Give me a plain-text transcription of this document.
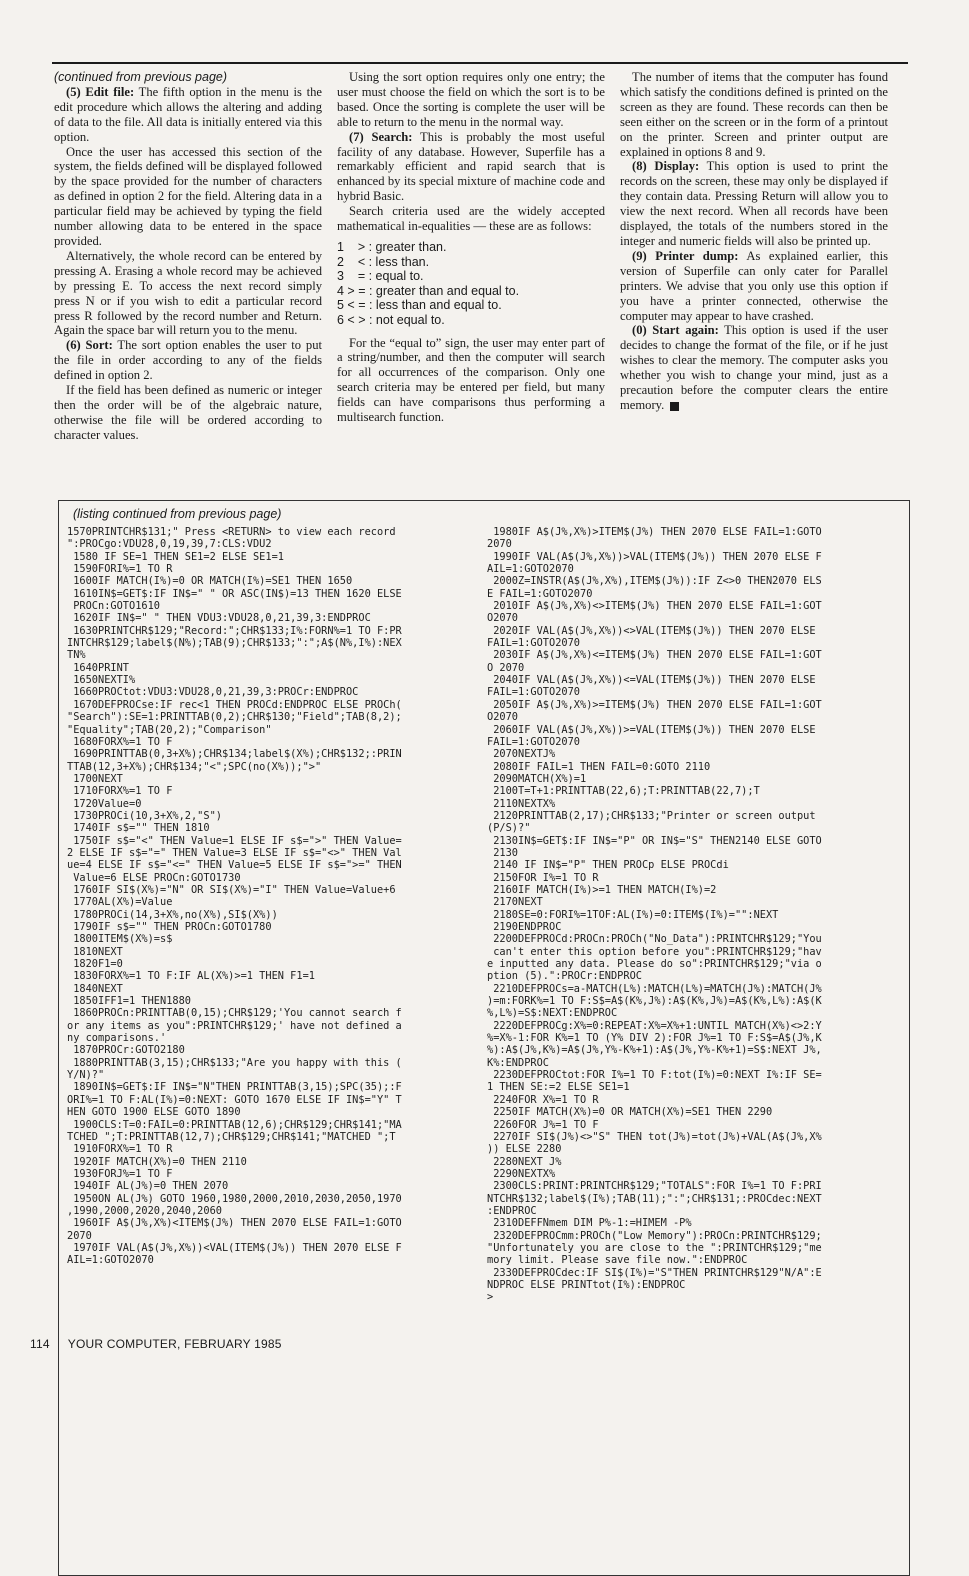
(continued from previous page)

(5) Edit file: The fifth option in the menu is the edit procedure which allows the altering and adding of data to the file. All data is initially entered via this option.

Once the user has accessed this section of the system, the fields defined will be displayed followed by the space provided for the number of characters as defined in option 2 for the field. Altering data in a particular field may be achieved by typing the field number allowing data to be entered in the space provided.

Alternatively, the whole record can be entered by pressing A. Erasing a whole record may be achieved by pressing E. To access the next record simply press N or if you wish to edit a particular record press R followed by the record number and Return. Again the space bar will return you to the menu.

(6) Sort: The sort option enables the user to put the file in order according to any of the fields defined in option 2.

If the field has been defined as numeric or integer then the order will be of the algebraic nature, otherwise the file will be ordered according to character values.

Using the sort option requires only one entry; the user must choose the field on which the sort is to be based. Once the sorting is complete the user will be able to return to the menu in the normal way.

(7) Search: This is probably the most useful facility of any database. However, Superfile has a remarkably efficient and rapid search that is enhanced by its special mixture of machine code and hybrid Basic.

Search criteria used are the widely accepted mathematical in-equalities — these are as follows:

1    > : greater than.
2    < : less than.
3    = : equal to.
4 > = : greater than and equal to.
5 < = : less than and equal to.
6 < > : not equal to.

For the “equal to” sign, the user may enter part of a string/number, and then the computer will search for all occurrences of the comparison. Only one search criteria may be entered per field, but many fields can have comparisons thus performing a multisearch function.

The number of items that the computer has found which satisfy the conditions defined is printed on the screen as they are found. These records can then be seen either on the screen or in the form of a printout on the printer. Screen and printer output are explained in options 8 and 9.

(8) Display: This option is used to print the records on the screen, these may only be displayed if they contain data. Pressing Return will allow you to view the next record. When all records have been displayed, the totals of the numbers stored in the integer and numeric fields will also be printed up.

(9) Printer dump: As explained earlier, this version of Superfile can only cater for Parallel printers. We advise that you only use this option if you have a printer connected, otherwise the computer may appear to have crashed.

(0) Start again: This option is used if the user decides to change the format of the file, or if he just wishes to clear the memory. The computer asks you whether you wish to change your mind, just as a precaution before the computer clears the entire memory.

(listing continued from previous page)
1570PRINTCHR$131;" Press <RETURN> to view each record
":PROCgo:VDU28,0,19,39,7:CLS:VDU2
1580 IF SE=1 THEN SE1=2 ELSE SE1=1
1590FORI%=1 TO R
1600IF MATCH(I%)=0 OR MATCH(I%)=SE1 THEN 1650
1610IN$=GET$:IF IN$=" " OR ASC(IN$)=13 THEN 1620 ELSE
PROCn:GOTO1610
1620IF IN$=" " THEN VDU3:VDU28,0,21,39,3:ENDPROC
1630PRINTCHR$129;"Record:";CHR$133;I%:FORN%=1 TO F:PR
INTCHR$129;label$(N%);TAB(9);CHR$133;":";A$(N%,I%):NEX
TN%
1640PRINT
1650NEXTI%
1660PROCtot:VDU3:VDU28,0,21,39,3:PROCr:ENDPROC
1670DEFPROCse:IF rec<1 THEN PROCd:ENDPROC ELSE PROCh(
"Search"):SE=1:PRINTTAB(0,2);CHR$130;"Field";TAB(8,2);
"Equality";TAB(20,2);"Comparison"
1680FORX%=1 TO F
1690PRINTTAB(0,3+X%);CHR$134;label$(X%);CHR$132;:PRIN
TTAB(12,3+X%);CHR$134;"<";SPC(no(X%));">"
1700NEXT
1710FORX%=1 TO F
1720Value=0
1730PROCi(10,3+X%,2,"S")
1740IF s$="" THEN 1810
1750IF s$="<" THEN Value=1 ELSE IF s$=">" THEN Value=
2 ELSE IF s$="=" THEN Value=3 ELSE IF s$="<>" THEN Val
ue=4 ELSE IF s$="<=" THEN Value=5 ELSE IF s$=">=" THEN
Value=6 ELSE PROCn:GOTO1730
1760IF SI$(X%)="N" OR SI$(X%)="I" THEN Value=Value+6
1770AL(X%)=Value
1780PROCi(14,3+X%,no(X%),SI$(X%))
1790IF s$="" THEN PROCn:GOTO1780
1800ITEM$(X%)=s$
1810NEXT
1820F1=0
1830FORX%=1 TO F:IF AL(X%)>=1 THEN F1=1
1840NEXT
1850IFF1=1 THEN1880
1860PROCn:PRINTTAB(0,15);CHR$129;'You cannot search f
or any items as you":PRINTCHR$129;' have not defined a
ny comparisons.'
1870PROCr:GOTO2180
1880PRINTTAB(3,15);CHR$133;"Are you happy with this (
Y/N)?"
1890IN$=GET$:IF IN$="N"THEN PRINTTAB(3,15);SPC(35);:F
ORI%=1 TO F:AL(I%)=0:NEXT: GOTO 1670 ELSE IF IN$="Y" T
HEN GOTO 1900 ELSE GOTO 1890
1900CLS:T=0:FAIL=0:PRINTTAB(12,6);CHR$129;CHR$141;"MA
TCHED ";T:PRINTTAB(12,7);CHR$129;CHR$141;"MATCHED ";T
1910FORX%=1 TO R
1920IF MATCH(X%)=0 THEN 2110
1930FORJ%=1 TO F
1940IF AL(J%)=0 THEN 2070
1950ON AL(J%) GOTO 1960,1980,2000,2010,2030,2050,1970
,1990,2000,2020,2040,2060
1960IF A$(J%,X%)<ITEM$(J%) THEN 2070 ELSE FAIL=1:GOTO
2070
1970IF VAL(A$(J%,X%))<VAL(ITEM$(J%)) THEN 2070 ELSE F
AIL=1:GOTO2070
1980IF A$(J%,X%)>ITEM$(J%) THEN 2070 ELSE FAIL=1:GOTO
2070
1990IF VAL(A$(J%,X%))>VAL(ITEM$(J%)) THEN 2070 ELSE F
AIL=1:GOTO2070
2000Z=INSTR(A$(J%,X%),ITEM$(J%)):IF Z<>0 THEN2070 ELS
E FAIL=1:GOTO2070
2010IF A$(J%,X%)<>ITEM$(J%) THEN 2070 ELSE FAIL=1:GOT
O2070
2020IF VAL(A$(J%,X%))<>VAL(ITEM$(J%)) THEN 2070 ELSE
FAIL=1:GOTO2070
2030IF A$(J%,X%)<=ITEM$(J%) THEN 2070 ELSE FAIL=1:GOT
O 2070
2040IF VAL(A$(J%,X%))<=VAL(ITEM$(J%)) THEN 2070 ELSE
FAIL=1:GOTO2070
2050IF A$(J%,X%)>=ITEM$(J%) THEN 2070 ELSE FAIL=1:GOT
O2070
2060IF VAL(A$(J%,X%))>=VAL(ITEM$(J%)) THEN 2070 ELSE
FAIL=1:GOTO2070
2070NEXTJ%
2080IF FAIL=1 THEN FAIL=0:GOTO 2110
2090MATCH(X%)=1
2100T=T+1:PRINTTAB(22,6);T:PRINTTAB(22,7);T
2110NEXTX%
2120PRINTTAB(2,17);CHR$133;"Printer or screen output
(P/S)?"
2130IN$=GET$:IF IN$="P" OR IN$="S" THEN2140 ELSE GOTO
2130
2140 IF IN$="P" THEN PROCp ELSE PROCdi
2150FOR I%=1 TO R
2160IF MATCH(I%)>=1 THEN MATCH(I%)=2
2170NEXT
2180SE=0:FORI%=1TOF:AL(I%)=0:ITEM$(I%)="":NEXT
2190ENDPROC
2200DEFPROCd:PROCn:PROCh("No_Data"):PRINTCHR$129;"You
can't enter this option before you":PRINTCHR$129;"hav
e inputted any data. Please do so":PRINTCHR$129;"via o
ption (5).":PROCr:ENDPROC
2210DEFPROCs=a-MATCH(L%):MATCH(L%)=MATCH(J%):MATCH(J%
)=m:FORK%=1 TO F:S$=A$(K%,J%):A$(K%,J%)=A$(K%,L%):A$(K
%,L%)=S$:NEXT:ENDPROC
2220DEFPROCg:X%=0:REPEAT:X%=X%+1:UNTIL MATCH(X%)<>2:Y
%=X%-1:FOR K%=1 TO (Y% DIV 2):FOR J%=1 TO F:S$=A$(J%,K
%):A$(J%,K%)=A$(J%,Y%-K%+1):A$(J%,Y%-K%+1)=S$:NEXT J%,
K%:ENDPROC
2230DEFPROCtot:FOR I%=1 TO F:tot(I%)=0:NEXT I%:IF SE=
1 THEN SE:=2 ELSE SE1=1
2240FOR X%=1 TO R
2250IF MATCH(X%)=0 OR MATCH(X%)=SE1 THEN 2290
2260FOR J%=1 TO F
2270IF SI$(J%)<>"S" THEN tot(J%)=tot(J%)+VAL(A$(J%,X%
)) ELSE 2280
2280NEXT J%
2290NEXTX%
2300CLS:PRINT:PRINTCHR$129;"TOTALS":FOR I%=1 TO F:PRI
NTCHR$132;label$(I%);TAB(11);":";CHR$131;:PROCdec:NEXT
:ENDPROC
2310DEFFNmem DIM P%-1:=HIMEM -P%
2320DEFPROCmm:PROCh("Low Memory"):PROCn:PRINTCHR$129;
"Unfortunately you are close to the ":PRINTCHR$129;"me
mory limit. Please save file now.":ENDPROC
2330DEFPROCdec:IF SI$(I%)="S"THEN PRINTCHR$129"N/A":E
NDPROC ELSE PRINTtot(I%):ENDPROC
>
114 YOUR COMPUTER, FEBRUARY 1985
